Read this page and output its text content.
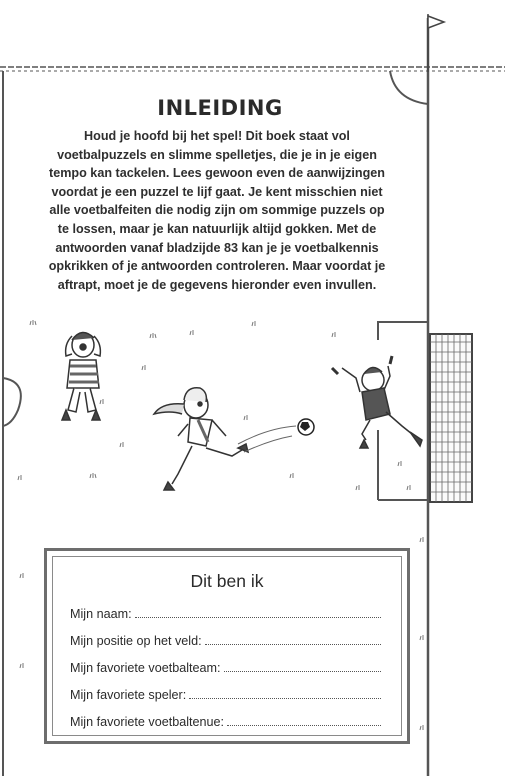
INLEIDING
Houd je hoofd bij het spel! Dit boek staat vol
voetbalpuzzels en slimme spelletjes, die je in je eigen
tempo kan tackelen. Lees gewoon even de aanwijzingen
voordat je een puzzel te lijf gaat. Je kent misschien niet
alle voetbalfeiten die nodig zijn om sommige puzzels op
te lossen, maar je kan natuurlijk altijd gokken. Met de
antwoorden vanaf bladzijde 83 kan je je voetbalkennis
opkrikken of je antwoorden controleren. Maar voordat je
aftrapt, moet je de gegevens hieronder even invullen.
Dit ben ik
Mijn naam:
Mijn positie op het veld:
Mijn favoriete voetbalteam:
Mijn favoriete speler:
Mijn favoriete voetbaltenue:
